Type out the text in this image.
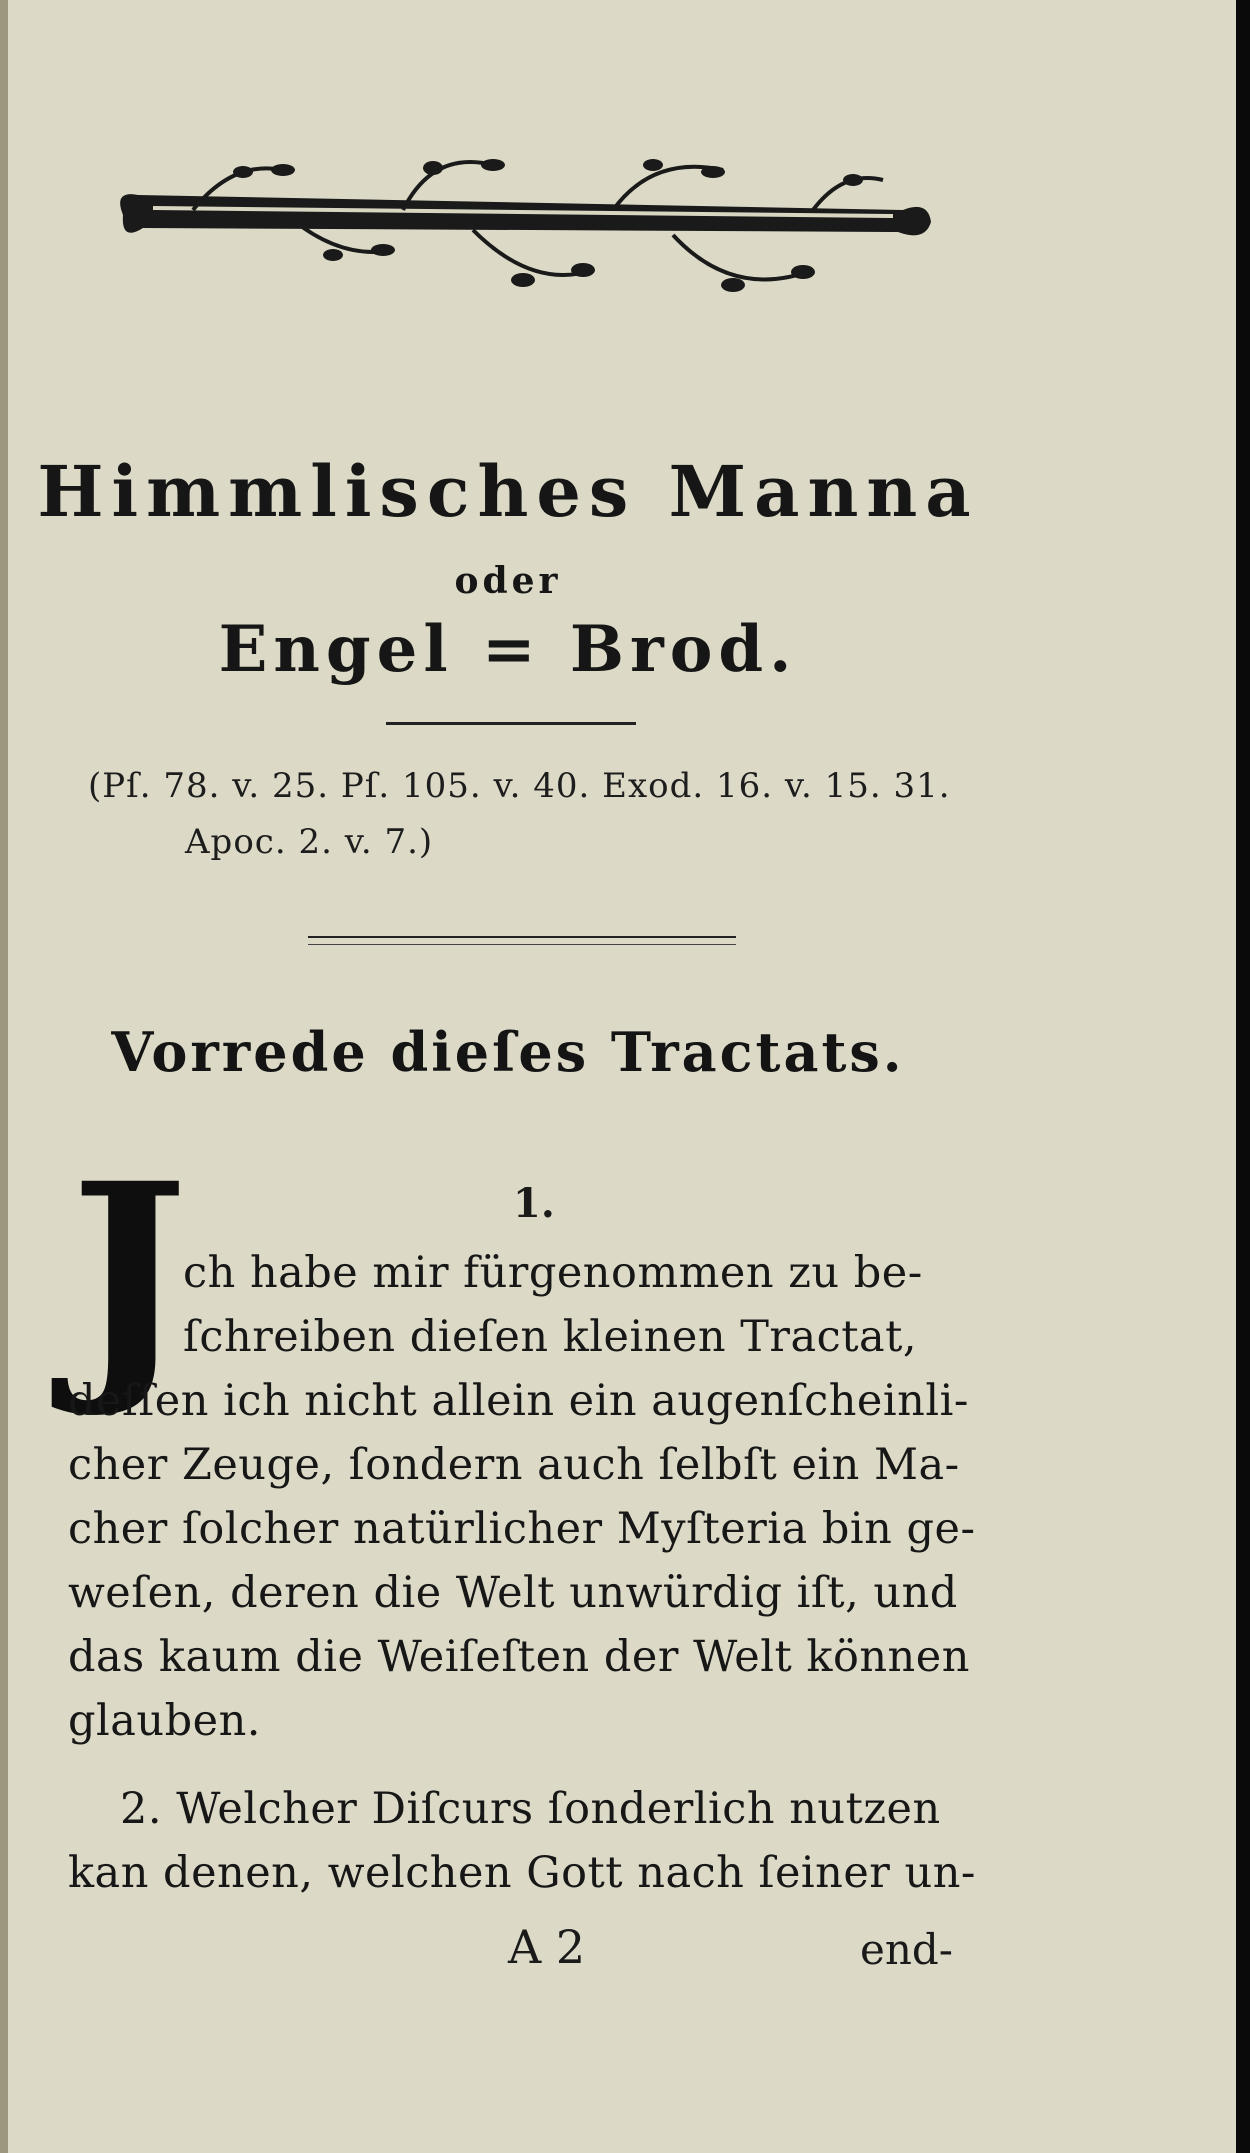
Himmlisches Manna
oder
Engel = Brod.
(Pſ. 78. v. 25. Pſ. 105. v. 40. Exod. 16. v. 15. 31.
Apoc. 2. v. 7.)
Vorrede dieſes Tractats.
1.
J
ch habe mir fürgenommen zu be-
ſchreiben dieſen kleinen Tractat,
deſſen ich nicht allein ein augenſcheinli-
cher Zeuge, ſondern auch ſelbſt ein Ma-
cher ſolcher natürlicher Myſteria bin ge-
weſen, deren die Welt unwürdig iſt, und
das kaum die Weiſeſten der Welt können
glauben.
2. Welcher Diſcurs ſonderlich nutzen
kan denen, welchen Gott nach ſeiner un-
A 2	end-
